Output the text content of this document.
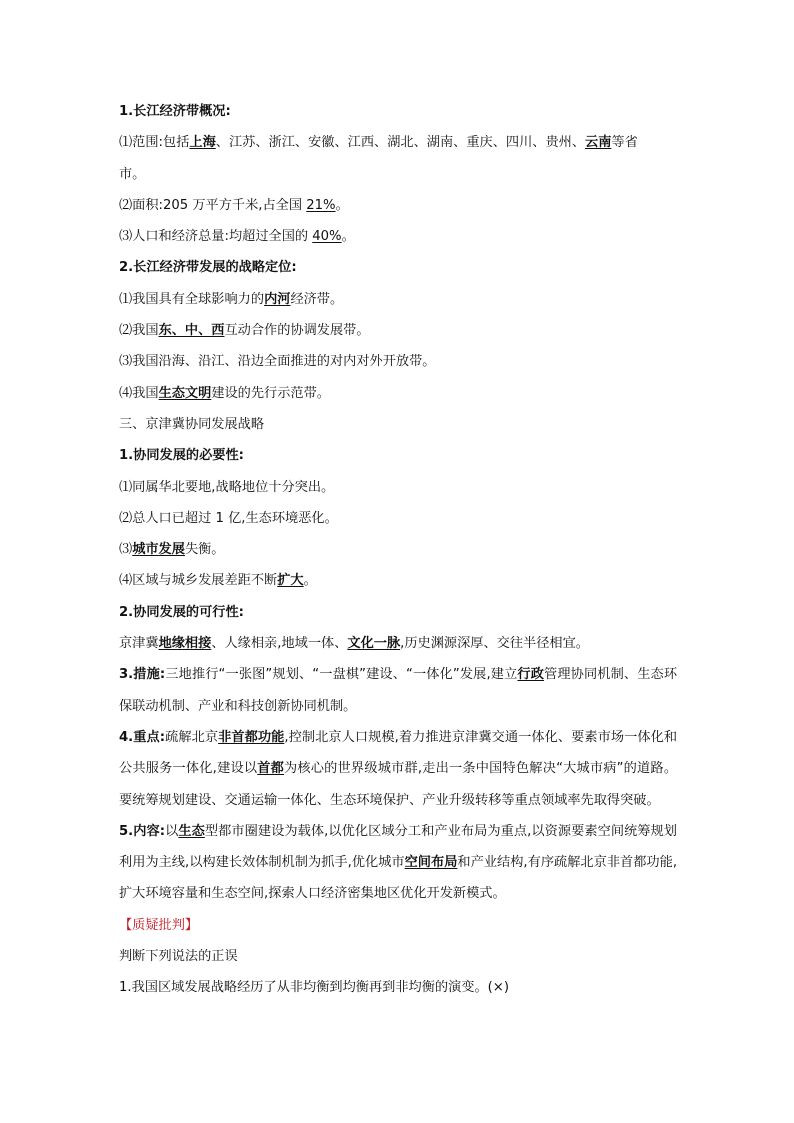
1.长江经济带概况:
⑴范围:包括上海、江苏、浙江、安徽、江西、湖北、湖南、重庆、四川、贵州、云南等省
市。
⑵面积:205 万平方千米,占全国 21%。
⑶人口和经济总量:均超过全国的 40%。
2.长江经济带发展的战略定位:
⑴我国具有全球影响力的内河经济带。
⑵我国东、中、西互动合作的协调发展带。
⑶我国沿海、沿江、沿边全面推进的对内对外开放带。
⑷我国生态文明建设的先行示范带。
三、京津冀协同发展战略
1.协同发展的必要性:
⑴同属华北要地,战略地位十分突出。
⑵总人口已超过 1 亿,生态环境恶化。
⑶城市发展失衡。
⑷区域与城乡发展差距不断扩大。
2.协同发展的可行性:
京津冀地缘相接、人缘相亲,地域一体、文化一脉,历史渊源深厚、交往半径相宜。
3.措施:三地推行“一张图”规划、“一盘棋”建设、“一体化”发展,建立行政管理协同机制、生态环保联动机制、产业和科技创新协同机制。
4.重点:疏解北京非首都功能,控制北京人口规模,着力推进京津冀交通一体化、要素市场一体化和公共服务一体化,建设以首都为核心的世界级城市群,走出一条中国特色解决“大城市病”的道路。要统筹规划建设、交通运输一体化、生态环境保护、产业升级转移等重点领域率先取得突破。
5.内容:以生态型都市圈建设为载体,以优化区域分工和产业布局为重点,以资源要素空间统筹规划利用为主线,以构建长效体制机制为抓手,优化城市空间布局和产业结构,有序疏解北京非首都功能,扩大环境容量和生态空间,探索人口经济密集地区优化开发新模式。
【质疑批判】
判断下列说法的正误
1.我国区域发展战略经历了从非均衡到均衡再到非均衡的演变。(×)
